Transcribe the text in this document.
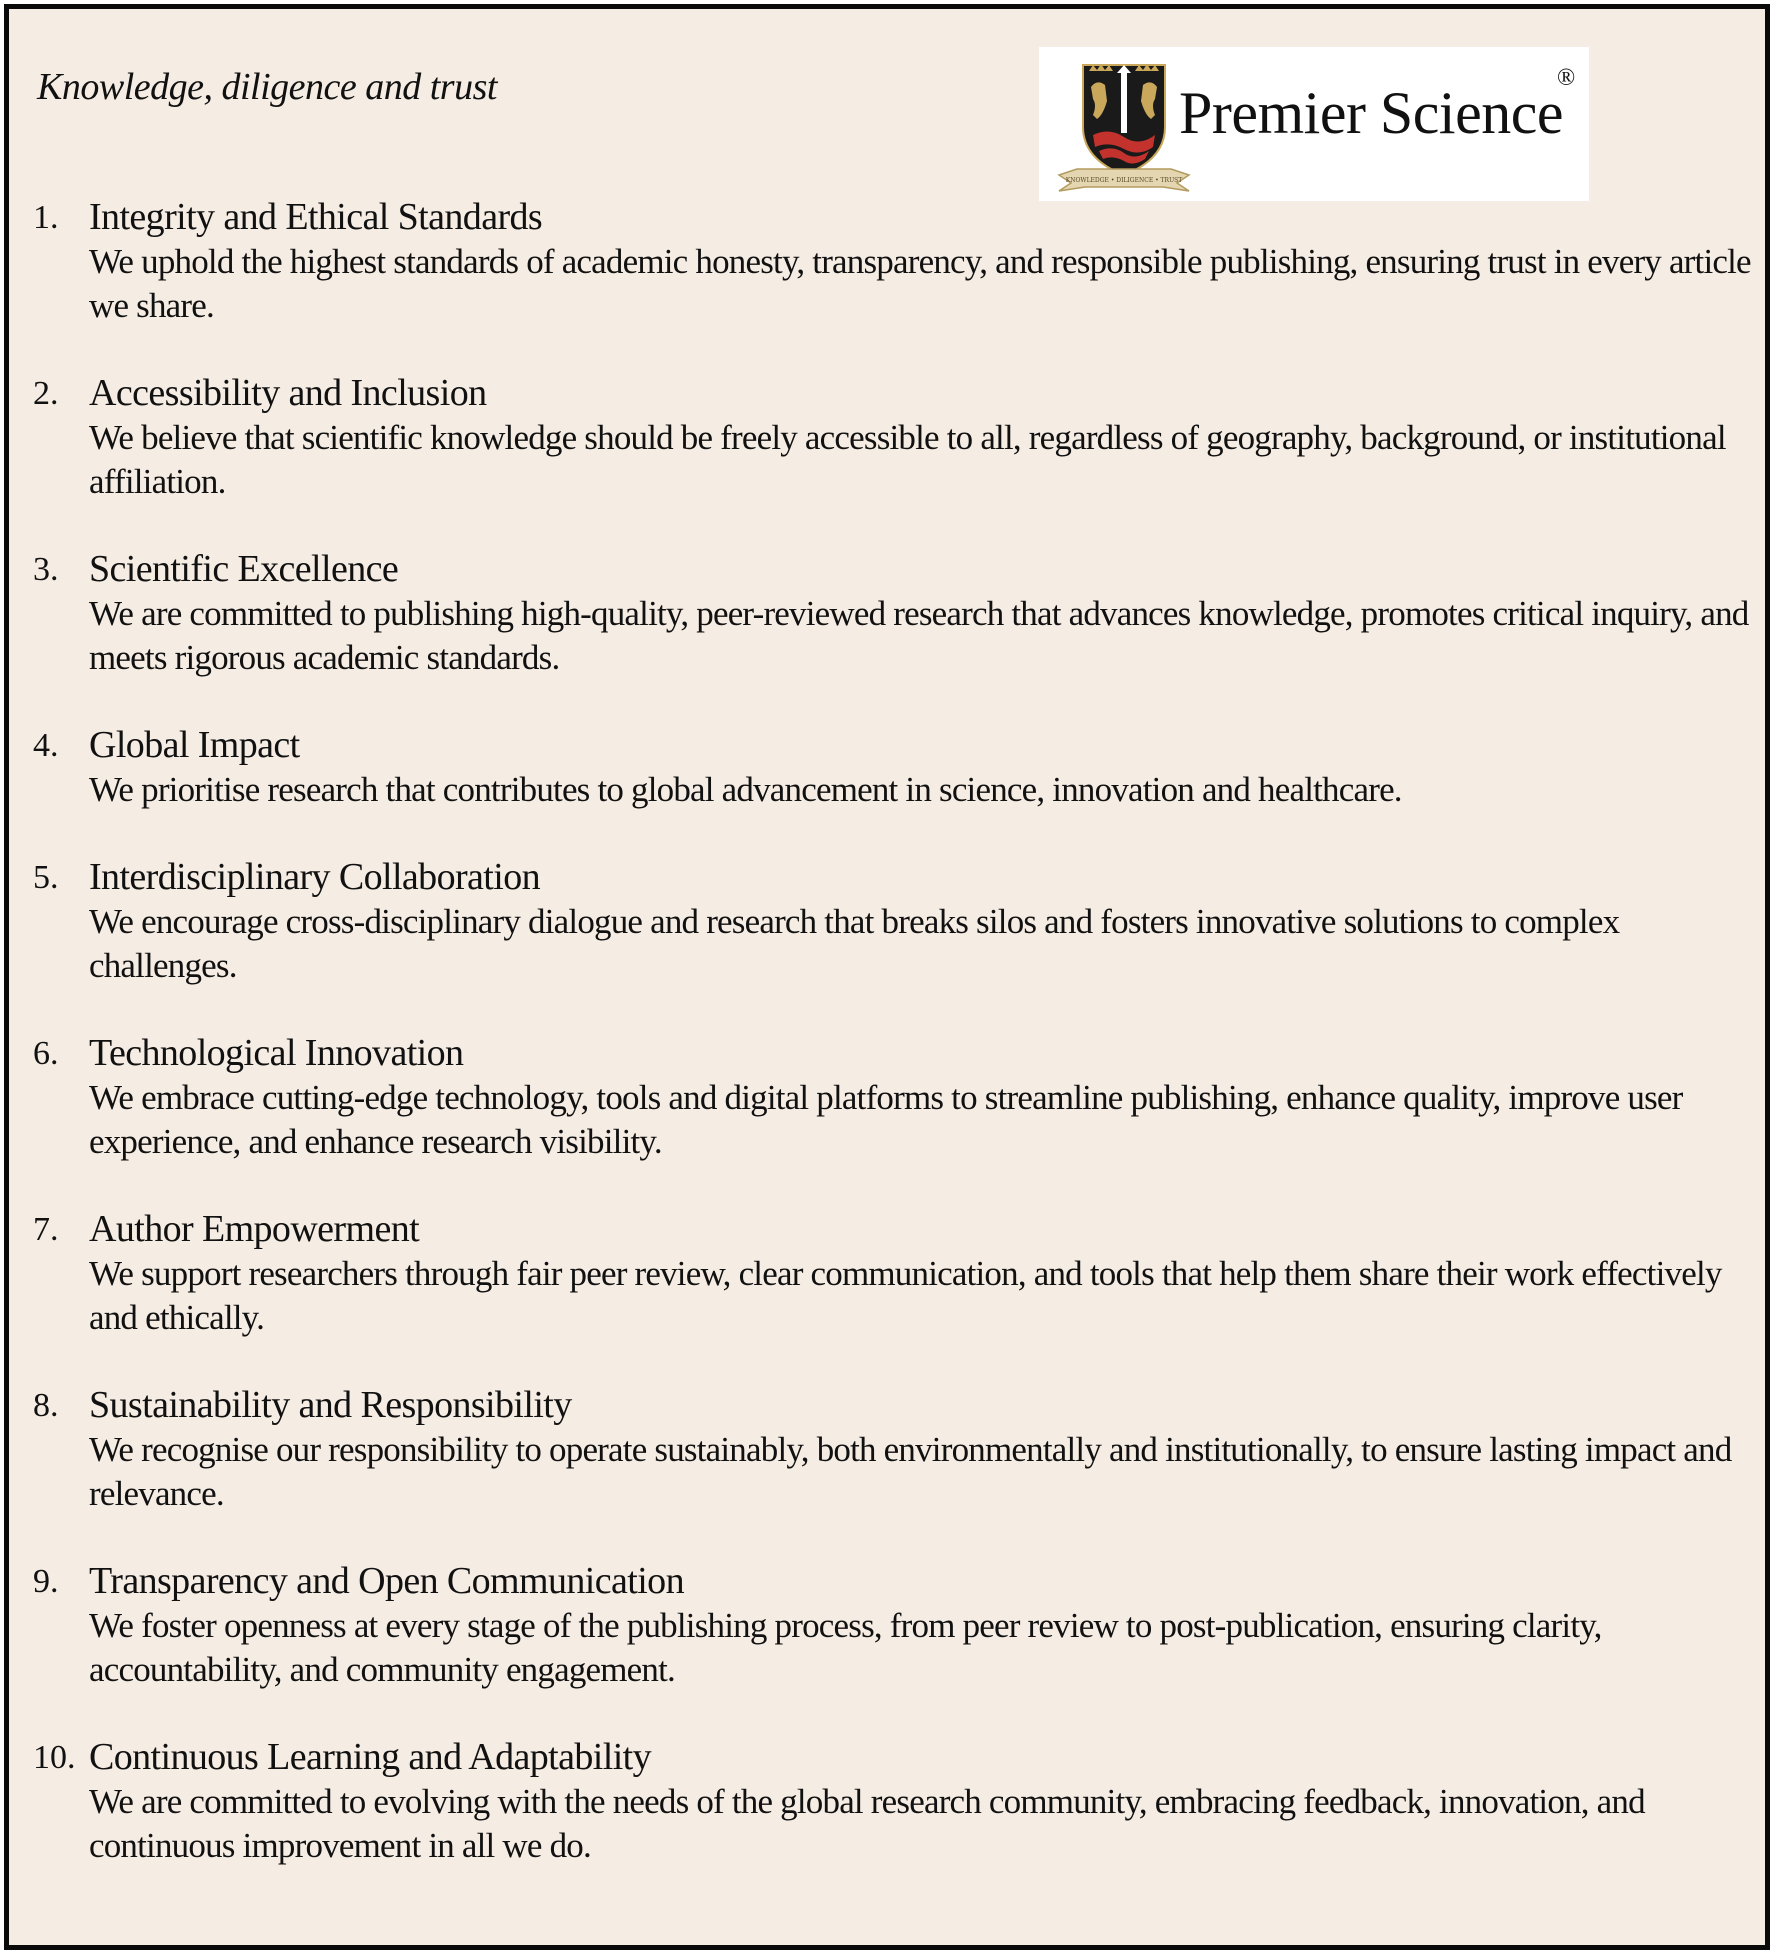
Knowledge, diligence and trust
KNOWLEDGE • DILIGENCE • TRUST
Premier Science
®
1. Integrity and Ethical Standards
We uphold the highest standards of academic honesty, transparency, and responsible publishing, ensuring trust in every article we share.
2. Accessibility and Inclusion
We believe that scientific knowledge should be freely accessible to all, regardless of geography, background, or institutional affiliation.
3. Scientific Excellence
We are committed to publishing high-quality, peer-reviewed research that advances knowledge, promotes critical inquiry, and meets rigorous academic standards.
4. Global Impact
We prioritise research that contributes to global advancement in science, innovation and healthcare.
5. Interdisciplinary Collaboration
We encourage cross-disciplinary dialogue and research that breaks silos and fosters innovative solutions to complex challenges.
6. Technological Innovation
We embrace cutting-edge technology, tools and digital platforms to streamline publishing, enhance quality, improve user experience, and enhance research visibility.
7. Author Empowerment
We support researchers through fair peer review, clear communication, and tools that help them share their work effectively and ethically.
8. Sustainability and Responsibility
We recognise our responsibility to operate sustainably, both environmentally and institutionally, to ensure lasting impact and relevance.
9. Transparency and Open Communication
We foster openness at every stage of the publishing process, from peer review to post-publication, ensuring clarity, accountability, and community engagement.
10. Continuous Learning and Adaptability
We are committed to evolving with the needs of the global research community, embracing feedback, innovation, and continuous improvement in all we do.
